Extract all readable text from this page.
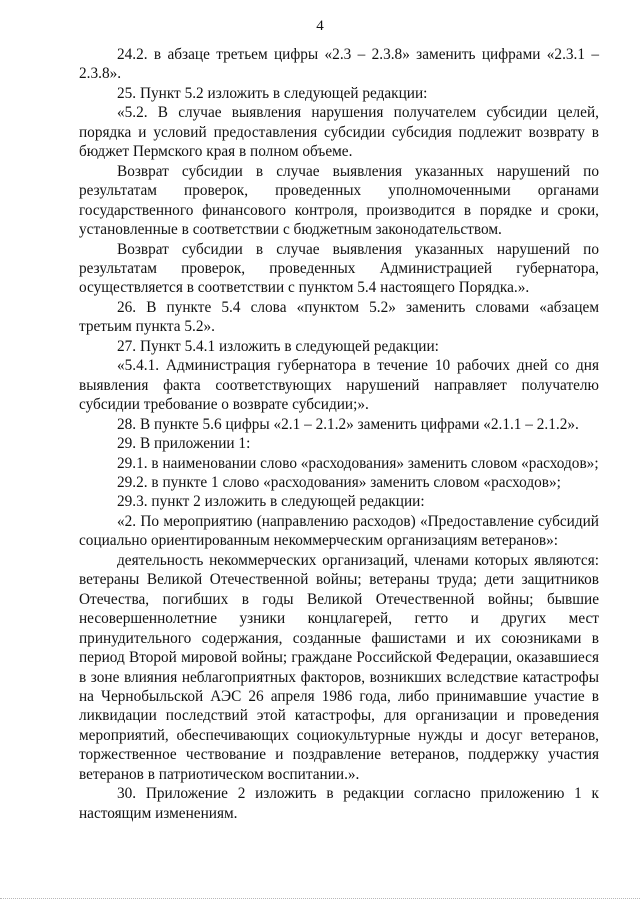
4

24.2. в абзаце третьем цифры «2.3 – 2.3.8» заменить цифрами «2.3.1 – 2.3.8».

25. Пункт 5.2 изложить в следующей редакции:

«5.2. В случае выявления нарушения получателем субсидии целей, порядка и условий предоставления субсидии субсидия подлежит возврату в бюджет Пермского края в полном объеме.

Возврат субсидии в случае выявления указанных нарушений по результатам проверок, проведенных уполномоченными органами государственного финансового контроля, производится в порядке и сроки, установленные в соответствии с бюджетным законодательством.

Возврат субсидии в случае выявления указанных нарушений по результатам проверок, проведенных Администрацией губернатора, осуществляется в соответствии с пунктом 5.4 настоящего Порядка.».

26. В пункте 5.4 слова «пунктом 5.2» заменить словами «абзацем третьим пункта 5.2».

27. Пункт 5.4.1 изложить в следующей редакции:

«5.4.1. Администрация губернатора в течение 10 рабочих дней со дня выявления факта соответствующих нарушений направляет получателю субсидии требование о возврате субсидии;».

28. В пункте 5.6 цифры «2.1 – 2.1.2» заменить цифрами «2.1.1 – 2.1.2».

29. В приложении 1:

29.1. в наименовании слово «расходования» заменить словом «расходов»;

29.2. в пункте 1 слово «расходования» заменить словом «расходов»;

29.3. пункт 2 изложить в следующей редакции:

«2. По мероприятию (направлению расходов) «Предоставление субсидий социально ориентированным некоммерческим организациям ветеранов»:

деятельность некоммерческих организаций, членами которых являются: ветераны Великой Отечественной войны; ветераны труда; дети защитников Отечества, погибших в годы Великой Отечественной войны; бывшие несовершеннолетние узники концлагерей, гетто и других мест принудительного содержания, созданные фашистами и их союзниками в период Второй мировой войны; граждане Российской Федерации, оказавшиеся в зоне влияния неблагоприятных факторов, возникших вследствие катастрофы на Чернобыльской АЭС 26 апреля 1986 года, либо принимавшие участие в ликвидации последствий этой катастрофы, для организации и проведения мероприятий, обеспечивающих социокультурные нужды и досуг ветеранов, торжественное чествование и поздравление ветеранов, поддержку участия ветеранов в патриотическом воспитании.».

30. Приложение 2 изложить в редакции согласно приложению 1 к настоящим изменениям.
